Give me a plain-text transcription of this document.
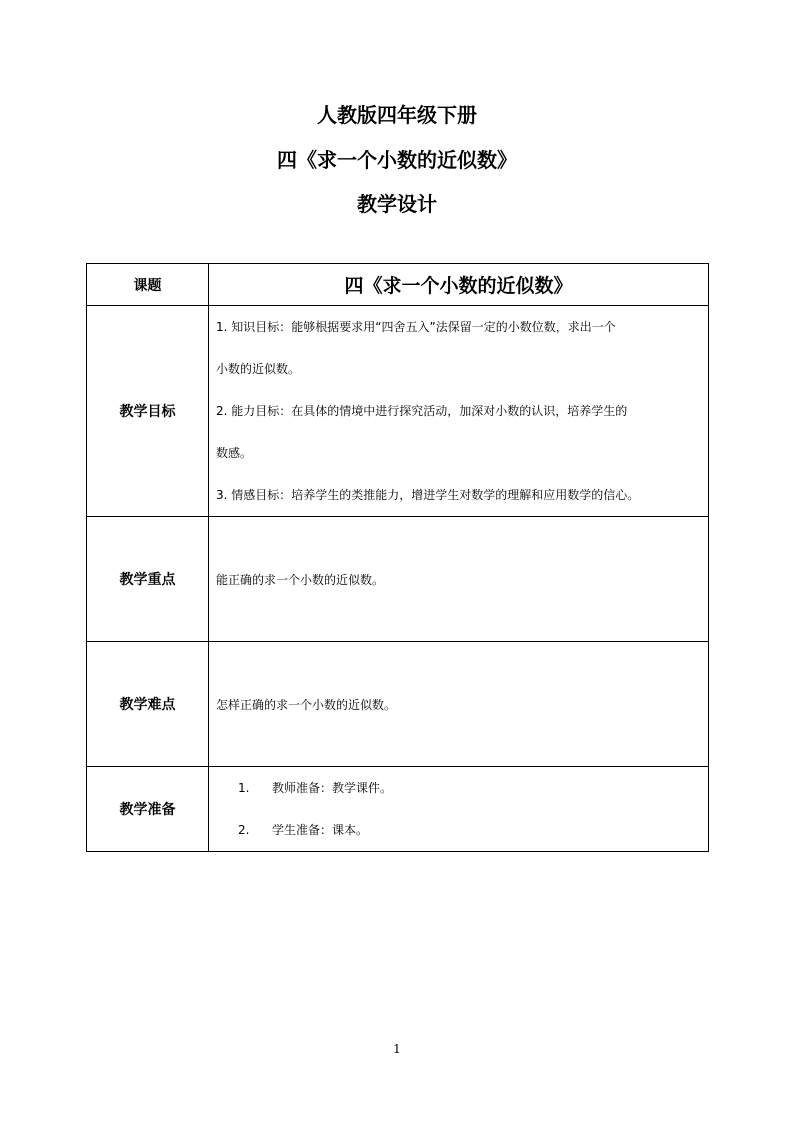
人教版四年级下册
四《求一个小数的近似数》
教学设计
课题	四《求一个小数的近似数》
教学目标	1. 知识目标：能够根据要求用“四舍五入”法保留一定的小数位数，求出一个

小数的近似数。

2. 能力目标：在具体的情境中进行探究活动，加深对小数的认识，培养学生的

数感。

3. 情感目标：培养学生的类推能力，增进学生对数学的理解和应用数学的信心。

教学重点	能正确的求一个小数的近似数。

教学难点	怎样正确的求一个小数的近似数。

教学准备	1. 教师准备：教学课件。
2. 学生准备：课本。
1
